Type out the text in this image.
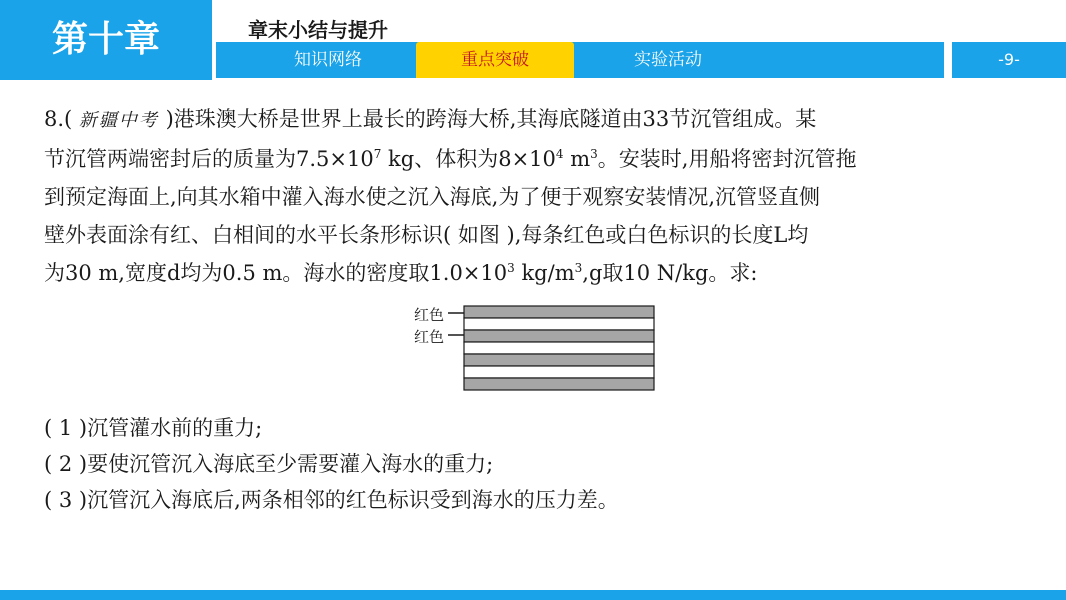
第十章	章末小结与提升
知识网络	重点突破	实验活动	-9-

8.( 新疆中考 )港珠澳大桥是世界上最长的跨海大桥,其海底隧道由33节沉管组成。某

节沉管两端密封后的质量为$7.5\times 10^7$ kg、体积为$8\times 10^4$ $m^3$。安装时,用船将密封沉管拖

到预定海面上,向其水箱中灌入海水使之沉入海底,为了便于观察安装情况,沉管竖直侧

壁外表面涂有红、白相间的水平长条形标识( 如图 ),每条红色或白色标识的长度L均

为30 m,宽度d均为0.5 m。海水的密度取$1.0\times 10^3$ $kg/m^3,g$取10 N/kg。求:

红色
红色

( 1 )沉管灌水前的重力;

( 2 )要使沉管沉入海底至少需要灌入海水的重力;

( 3 )沉管沉入海底后,两条相邻的红色标识受到海水的压力差。
